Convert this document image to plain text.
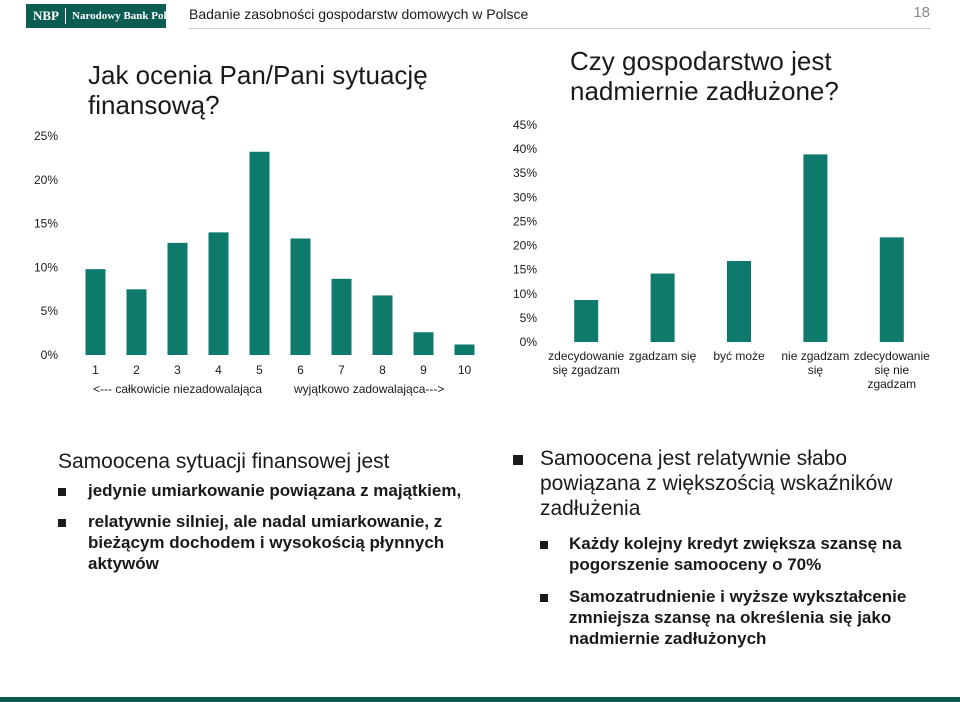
NBP	Narodowy Bank Polski Badanie zasobności gospodarstw domowych w Polsce	18
Jak ocenia Pan/Pani sytuację finansową?
Czy gospodarstwo jest nadmiernie zadłużone?
0%
5%
10%
15%
20%
25%
1	2	3	4	5	6	7	8	9	10
<--- całkowicie niezadowalająca	wyjątkowo zadowalająca--->
0%
5%
10%
15%
20%
25%
30%
35%
40%
45%
zdecydowanie
się zgadzam
zgadzam się być może nie zgadzam
się
zdecydowanie
się nie
zgadzam
Samoocena sytuacji finansowej jest
jedynie umiarkowanie powiązana z majątkiem,
relatywnie silniej, ale nadal umiarkowanie, z bieżącym dochodem i wysokością płynnych aktywów
Samoocena jest relatywnie słabo powiązana z większością wskaźników zadłużenia
Każdy kolejny kredyt zwiększa szansę na pogorszenie samooceny o 70%
Samozatrudnienie i wyższe wykształcenie zmniejsza szansę na określenia się jako nadmiernie zadłużonych
